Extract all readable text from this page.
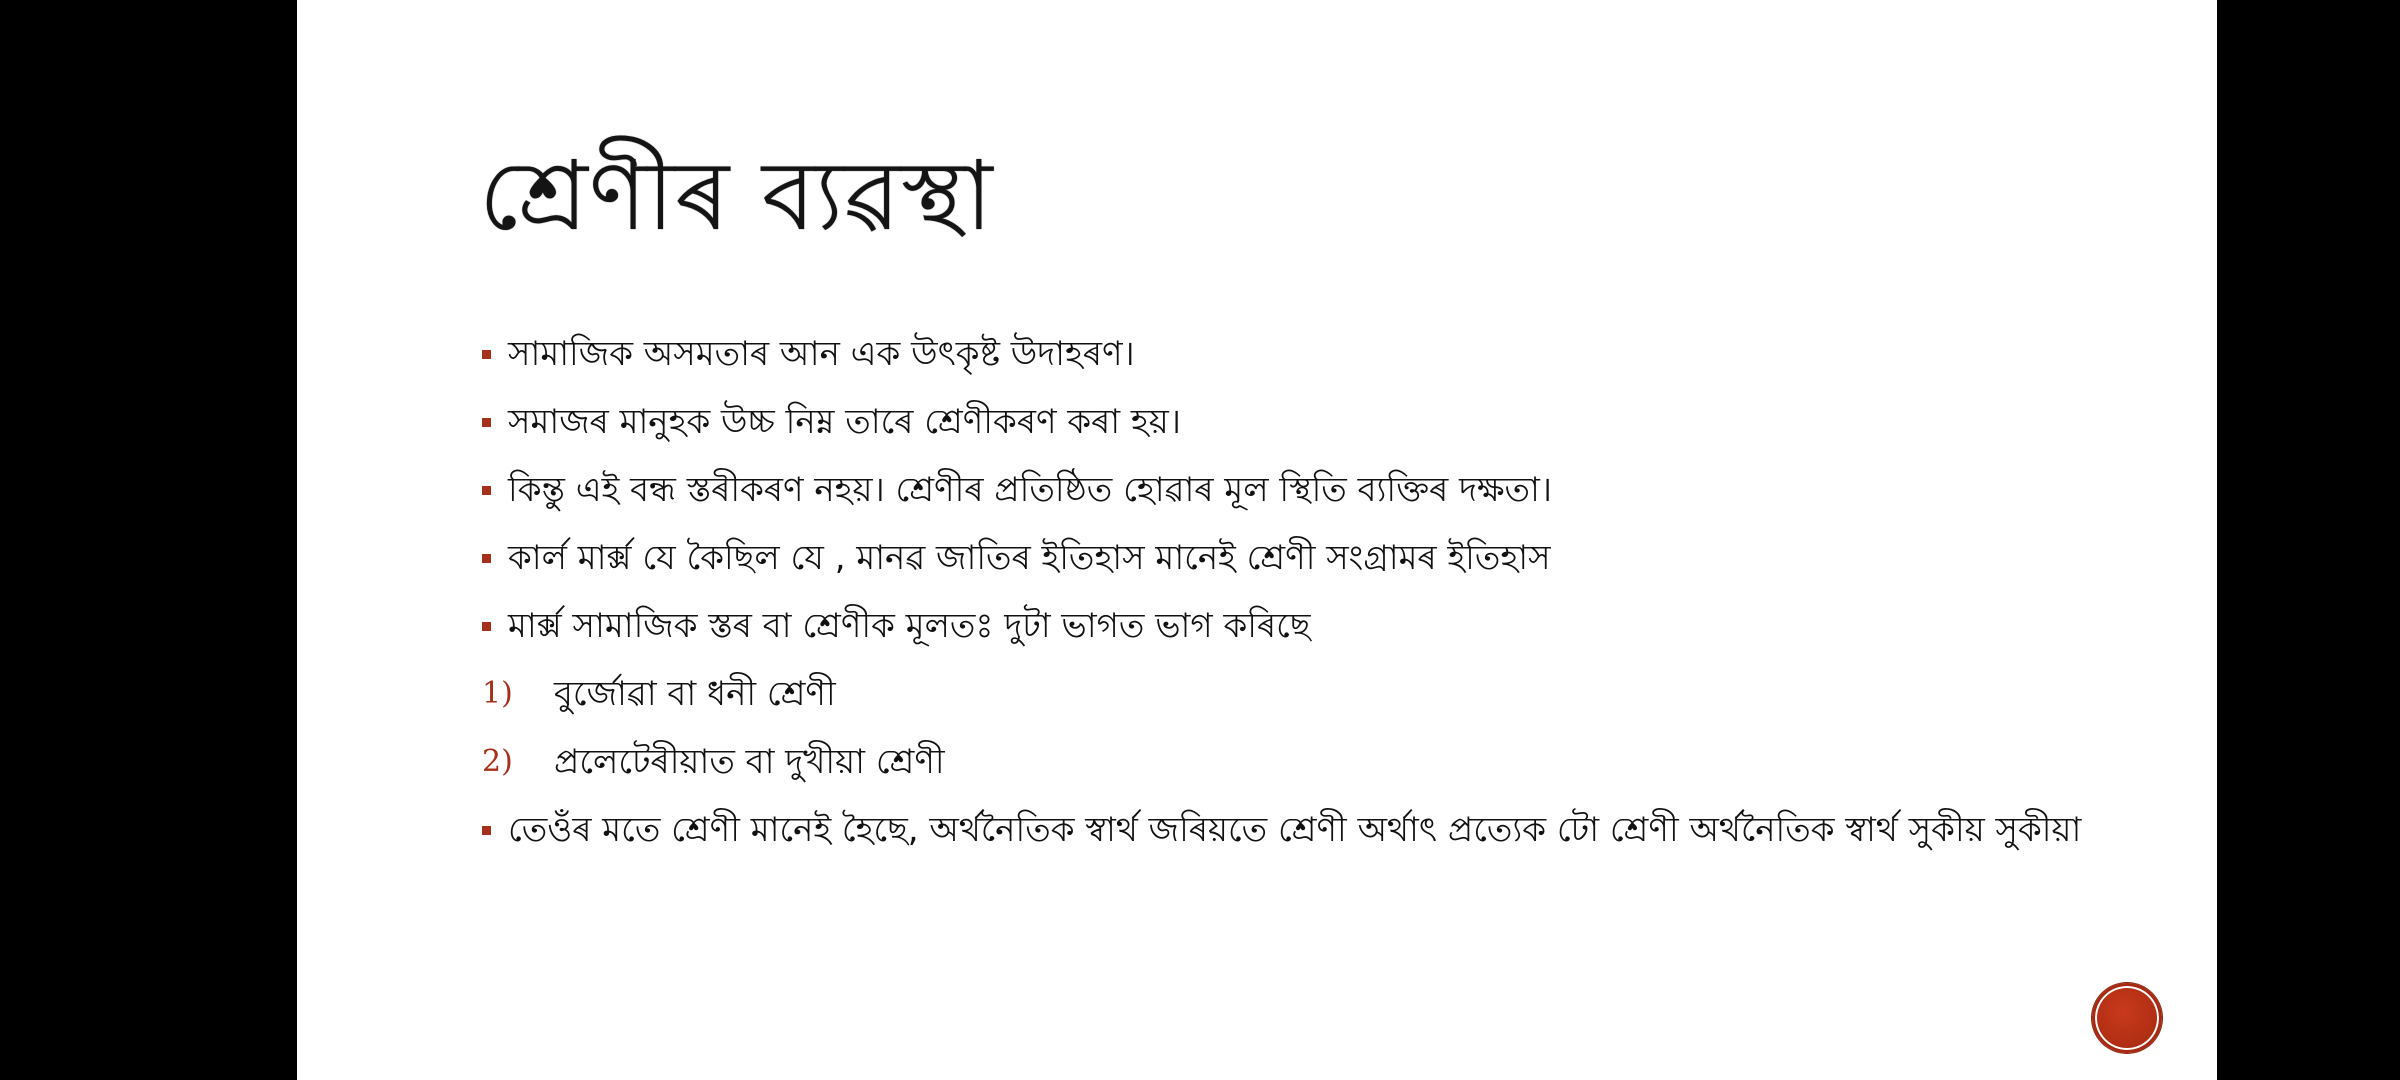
শ্ৰেণীৰ ব্যৱস্থা
সামাজিক অসমতাৰ আন এক উৎকৃষ্ট উদাহৰণ।
সমাজৰ মানুহক উচ্চ নিম্ন তাৰে শ্ৰেণীকৰণ কৰা হয়।
কিন্তু এই বন্ধ স্তৰীকৰণ নহয়। শ্ৰেণীৰ প্ৰতিষ্ঠিত হোৱাৰ মূল স্থিতি ব্যক্তিৰ দক্ষতা।
কাৰ্ল মাৰ্ক্স যে কৈছিল যে , মানৱ জাতিৰ ইতিহাস মানেই শ্ৰেণী সংগ্ৰামৰ ইতিহাস
মাৰ্ক্স সামাজিক স্তৰ বা শ্ৰেণীক মূলতঃ দুটা ভাগত ভাগ কৰিছে
1) বুৰ্জোৱা বা ধনী শ্ৰেণী
2) প্ৰলেটেৰীয়াত বা দুখীয়া শ্ৰেণী
তেওঁৰ মতে শ্ৰেণী মানেই হৈছে, অৰ্থনৈতিক স্বাৰ্থ জৰিয়তে শ্ৰেণী অৰ্থাৎ প্ৰত্যেক টো শ্ৰেণী অৰ্থনৈতিক স্বাৰ্থ সুকীয় সুকীয়া
